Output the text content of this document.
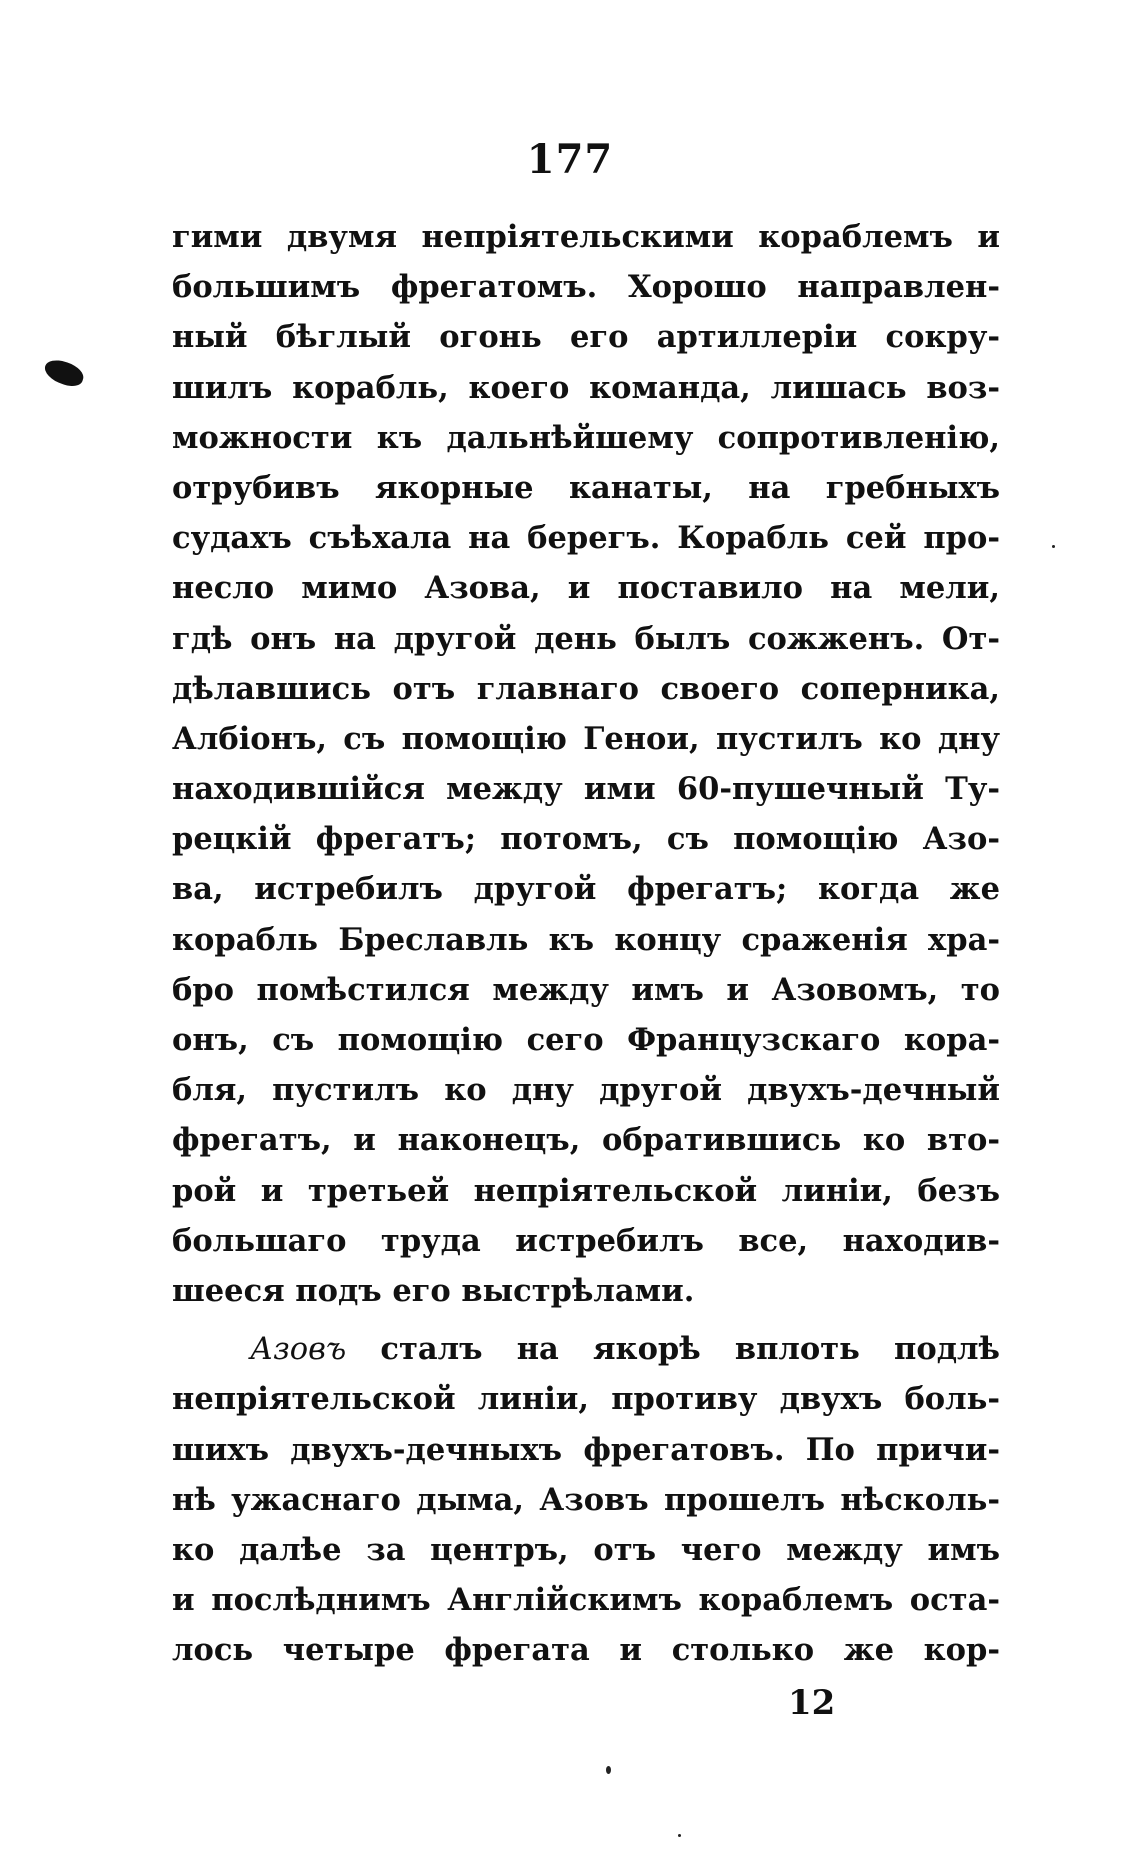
177
гими двумя непріятельскими кораблемъ и
большимъ фрегатомъ. Хорошо направлен-
ный бѣглый огонь его артиллеріи сокру-
шилъ корабль, коего команда, лишась воз-
можности къ дальнѣйшему сопротивленію,
отрубивъ якорные канаты, на гребныхъ
судахъ съѣхала на берегъ. Корабль сей про-
несло мимо Азова, и поставило на мели,
гдѣ онъ на другой день былъ сожженъ. От-
дѣлавшись отъ главнаго своего соперника,
Албіонъ, съ помощію Генои, пустилъ ко дну
находившійся между ими 60-пушечный Ту-
рецкій фрегатъ; потомъ, съ помощію Азо-
ва, истребилъ другой фрегатъ; когда же
корабль Бреславль къ концу сраженія хра-
бро помѣстился между имъ и Азовомъ, то
онъ, съ помощію сего Французскаго кора-
бля, пустилъ ко дну другой двухъ-дечный
фрегатъ, и наконецъ, обратившись ко вто-
рой и третьей непріятельской линіи, безъ
большаго труда истребилъ все, находив-
шееся подъ его выстрѣлами.
Азовъ сталъ на якорѣ вплоть подлѣ
непріятельской линіи, противу двухъ боль-
шихъ двухъ-дечныхъ фрегатовъ. По причи-
нѣ ужаснаго дыма, Азовъ прошелъ нѣсколь-
ко далѣе за центръ, отъ чего между имъ
и послѣднимъ Англійскимъ кораблемъ оста-
лось четыре фрегата и столько же кор-
12
